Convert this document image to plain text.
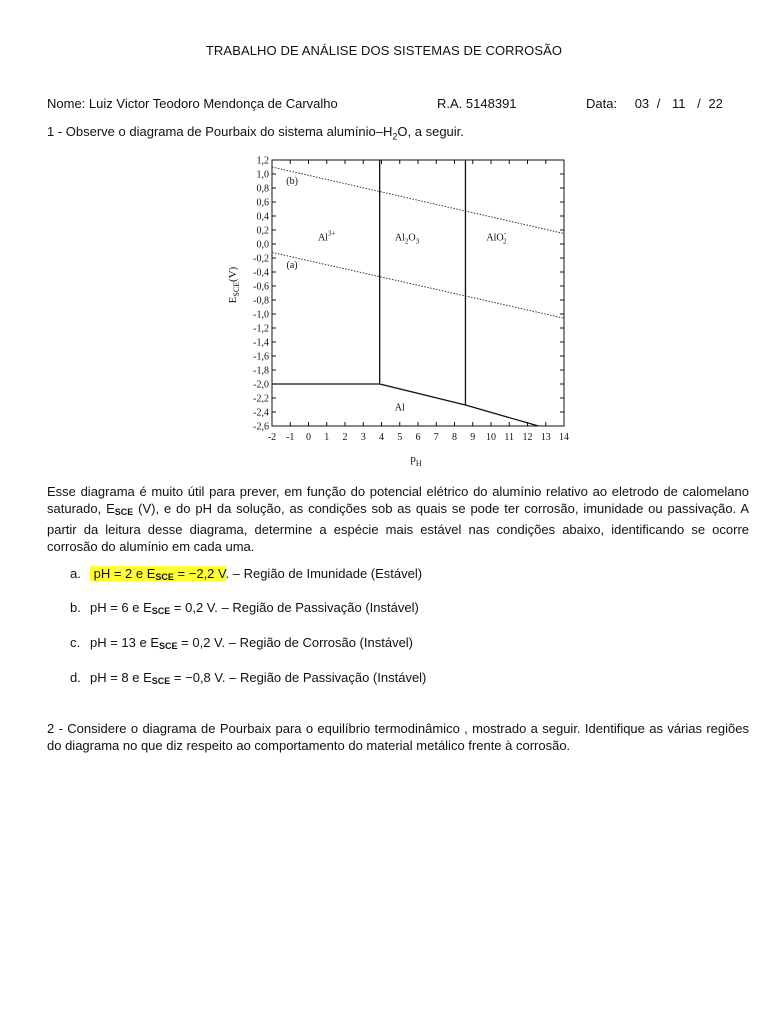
TRABALHO DE ANÁLISE DOS SISTEMAS DE CORROSÃO
Nome: Luiz Victor Teodoro Mendonça de Carvalho	R.A. 5148391	Data: 03 / 11 / 22
1 - Observe o diagrama de Pourbaix do sistema alumínio–$H_2O$, a seguir.
-2 -1 0 1 2 3 4 5 6 7 8 9 10 11 12 13 14
1,2
1,0
0,8
0,6
0,4
0,2
0,0
-0,2
-0,4
-0,6
-0,8
-1,0
-1,2
-1,4
-1,6
-1,8
-2,0
-2,2
-2,4
-2,6
(b)
(a)
$Al^{3+}$	$Al_2O_3$	AlO-2
Al
$p_H$
$E_{SCE}(V)$
Esse diagrama é muito útil para prever, em função do potencial elétrico do alumínio relativo ao eletrodo de calomelano saturado, ESCE (V), e do pH da solução, as condições sob as quais se pode ter corrosão, imunidade ou passivação. A partir da leitura desse diagrama, determine a espécie mais estável nas condições abaixo, identificando se ocorre corrosão do alumínio em cada uma.
a. pH = 2 e ESCE = −2,2 V. – Região de Imunidade (Estável)
b. pH = 6 e ESCE = 0,2 V. – Região de Passivação (Instável)
c. pH = 13 e ESCE = 0,2 V. – Região de Corrosão (Instável)
d. pH = 8 e ESCE = −0,8 V. – Região de Passivação (Instável)
2 - Considere o diagrama de Pourbaix para o equilíbrio termodinâmico , mostrado a seguir. Identifique as várias regiões do diagrama no que diz respeito ao comportamento do material metálico frente à corrosão.
